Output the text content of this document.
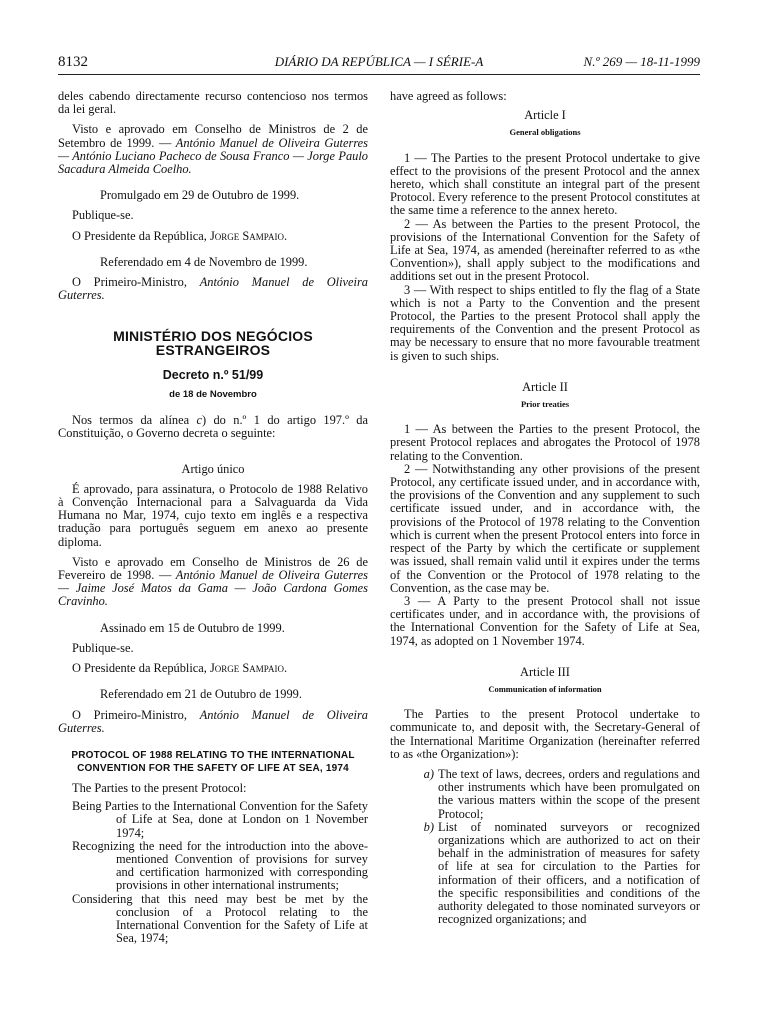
8132	DIÁRIO DA REPÚBLICA — I SÉRIE-A	N.º 269 — 18-11-1999

deles cabendo directamente recurso contencioso nos termos da lei geral.

Visto e aprovado em Conselho de Ministros de 2 de Setembro de 1999. — António Manuel de Oliveira Guterres — António Luciano Pacheco de Sousa Franco — Jorge Paulo Sacadura Almeida Coelho.

Promulgado em 29 de Outubro de 1999.

Publique-se.

O Presidente da República, Jorge Sampaio.

Referendado em 4 de Novembro de 1999.

O Primeiro-Ministro, António Manuel de Oliveira Guterres.

MINISTÉRIO DOS NEGÓCIOS ESTRANGEIROS
Decreto n.º 51/99
de 18 de Novembro

Nos termos da alínea c) do n.º 1 do artigo 197.º da Constituição, o Governo decreta o seguinte:

Artigo único

É aprovado, para assinatura, o Protocolo de 1988 Relativo à Convenção Internacional para a Salvaguarda da Vida Humana no Mar, 1974, cujo texto em inglês e a respectiva tradução para português seguem em anexo ao presente diploma.

Visto e aprovado em Conselho de Ministros de 26 de Fevereiro de 1998. — António Manuel de Oliveira Guterres — Jaime José Matos da Gama — João Cardona Gomes Cravinho.

Assinado em 15 de Outubro de 1999.

Publique-se.

O Presidente da República, Jorge Sampaio.

Referendado em 21 de Outubro de 1999.

O Primeiro-Ministro, António Manuel de Oliveira Guterres.

PROTOCOL OF 1988 RELATING TO THE INTERNATIONAL
CONVENTION FOR THE SAFETY OF LIFE AT SEA, 1974

The Parties to the present Protocol:

Being Parties to the International Convention for the Safety of Life at Sea, done at London on 1 November 1974;

Recognizing the need for the introduction into the above-mentioned Convention of provisions for survey and certification harmonized with corresponding provisions in other international instruments;

Considering that this need may best be met by the conclusion of a Protocol relating to the International Convention for the Safety of Life at Sea, 1974;

have agreed as follows:

Article I
General obligations

1 — The Parties to the present Protocol undertake to give effect to the provisions of the present Protocol and the annex hereto, which shall constitute an integral part of the present Protocol. Every reference to the present Protocol constitutes at the same time a reference to the annex hereto.

2 — As between the Parties to the present Protocol, the provisions of the International Convention for the Safety of Life at Sea, 1974, as amended (hereinafter referred to as «the Convention»), shall apply subject to the modifications and additions set out in the present Protocol.

3 — With respect to ships entitled to fly the flag of a State which is not a Party to the Convention and the present Protocol, the Parties to the present Protocol shall apply the requirements of the Convention and the present Protocol as may be necessary to ensure that no more favourable treatment is given to such ships.

Article II
Prior treaties

1 — As between the Parties to the present Protocol, the present Protocol replaces and abrogates the Protocol of 1978 relating to the Convention.

2 — Notwithstanding any other provisions of the present Protocol, any certificate issued under, and in accordance with, the provisions of the Convention and any supplement to such certificate issued under, and in accordance with, the provisions of the Protocol of 1978 relating to the Convention which is current when the present Protocol enters into force in respect of the Party by which the certificate or supplement was issued, shall remain valid until it expires under the terms of the Convention or the Protocol of 1978 relating to the Convention, as the case may be.

3 — A Party to the present Protocol shall not issue certificates under, and in accordance with, the provisions of the International Convention for the Safety of Life at Sea, 1974, as adopted on 1 November 1974.

Article III
Communication of information

The Parties to the present Protocol undertake to communicate to, and deposit with, the Secretary-General of the International Maritime Organization (hereinafter referred to as «the Organization»):

a) The text of laws, decrees, orders and regulations and other instruments which have been promulgated on the various matters within the scope of the present Protocol;
b) List of nominated surveyors or recognized organizations which are authorized to act on their behalf in the administration of measures for safety of life at sea for circulation to the Parties for information of their officers, and a notification of the specific responsibilities and conditions of the authority delegated to those nominated surveyors or recognized organizations; and
